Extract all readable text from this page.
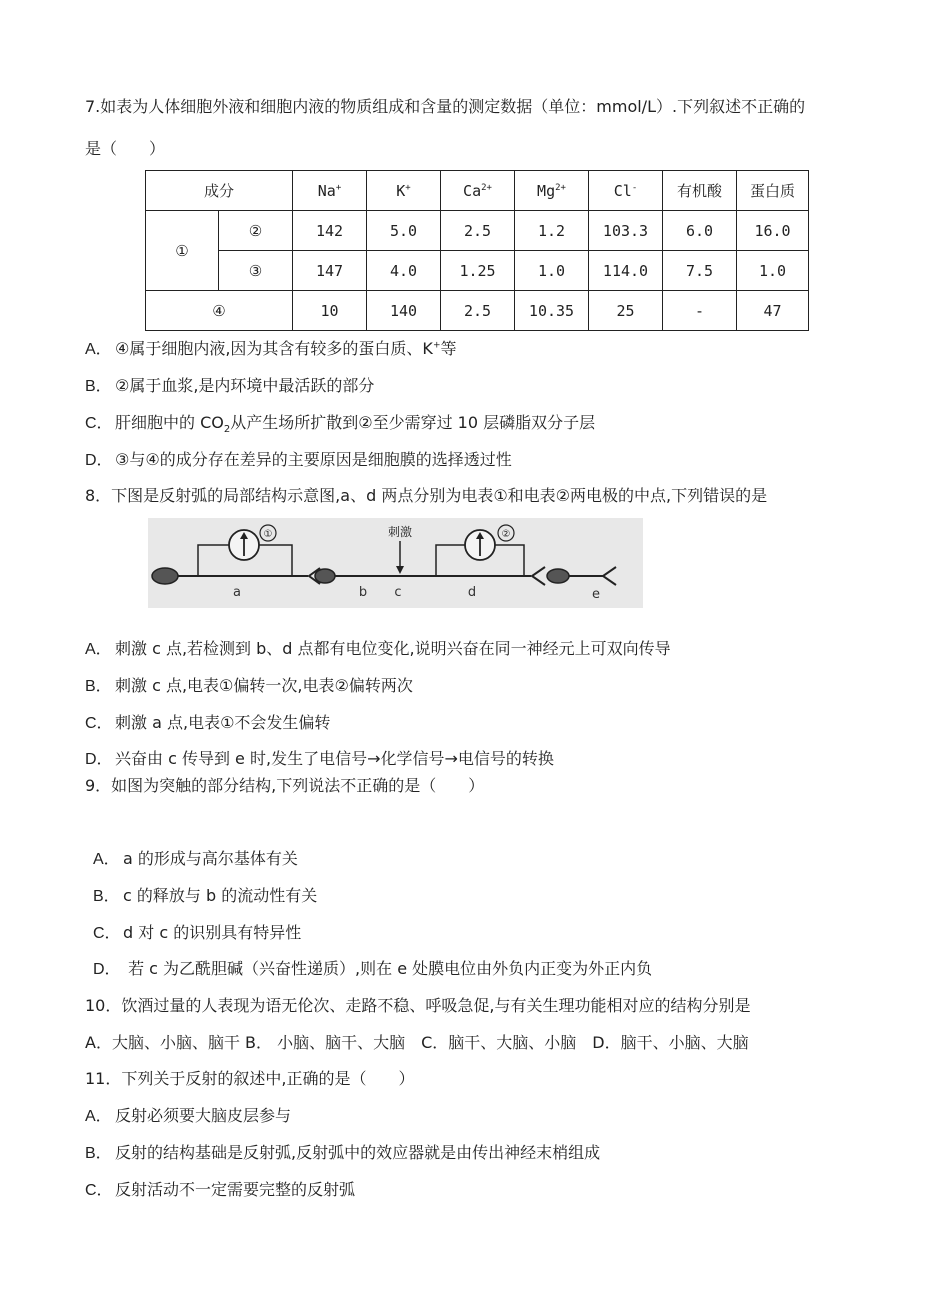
7.如表为人体细胞外液和细胞内液的物质组成和含量的测定数据（单位：mmol/L）.下列叙述不正确的
是（　　）
成分		Na+	K+	$Ca^{2+}$	$Mg^{2+}$	Cl-	有机酸	蛋白质
①	②	142	5.0	2.5	1.2	103.3	6.0	16.0
	③	147	4.0	1.25	1.0	114.0	7.5	1.0
④		10	140	2.5	10.35	25	-	47
A． ④属于细胞内液,因为其含有较多的蛋白质、K+等
B． ②属于血浆,是内环境中最活跃的部分
C． 肝细胞中的 $CO_2$从产生场所扩散到②至少需穿过 10 层磷脂双分子层
D． ③与④的成分存在差异的主要原因是细胞膜的选择透过性
8．下图是反射弧的局部结构示意图,a、d 两点分别为电表①和电表②两电极的中点,下列错误的是
①	②
刺激
a	b c	d	e
A． 刺激 c 点,若检测到 b、d 点都有电位变化,说明兴奋在同一神经元上可双向传导
B． 刺激 c 点,电表①偏转一次,电表②偏转两次
C． 刺激 a 点,电表①不会发生偏转
D． 兴奋由 c 传导到 e 时,发生了电信号→化学信号→电信号的转换
9．如图为突触的部分结构,下列说法不正确的是（　　）
A． a 的形成与高尔基体有关
B． c 的释放与 b 的流动性有关
C． d 对 c 的识别具有特异性
D． 若 c 为乙酰胆碱（兴奋性递质）,则在 e 处膜电位由外负内正变为外正内负
10．饮酒过量的人表现为语无伦次、走路不稳、呼吸急促,与有关生理功能相对应的结构分别是
A．大脑、小脑、脑干 B． 小脑、脑干、大脑　C．脑干、大脑、小脑　D．脑干、小脑、大脑
11．下列关于反射的叙述中,正确的是（　　）
A． 反射必须要大脑皮层参与
B． 反射的结构基础是反射弧,反射弧中的效应器就是由传出神经末梢组成
C． 反射活动不一定需要完整的反射弧
